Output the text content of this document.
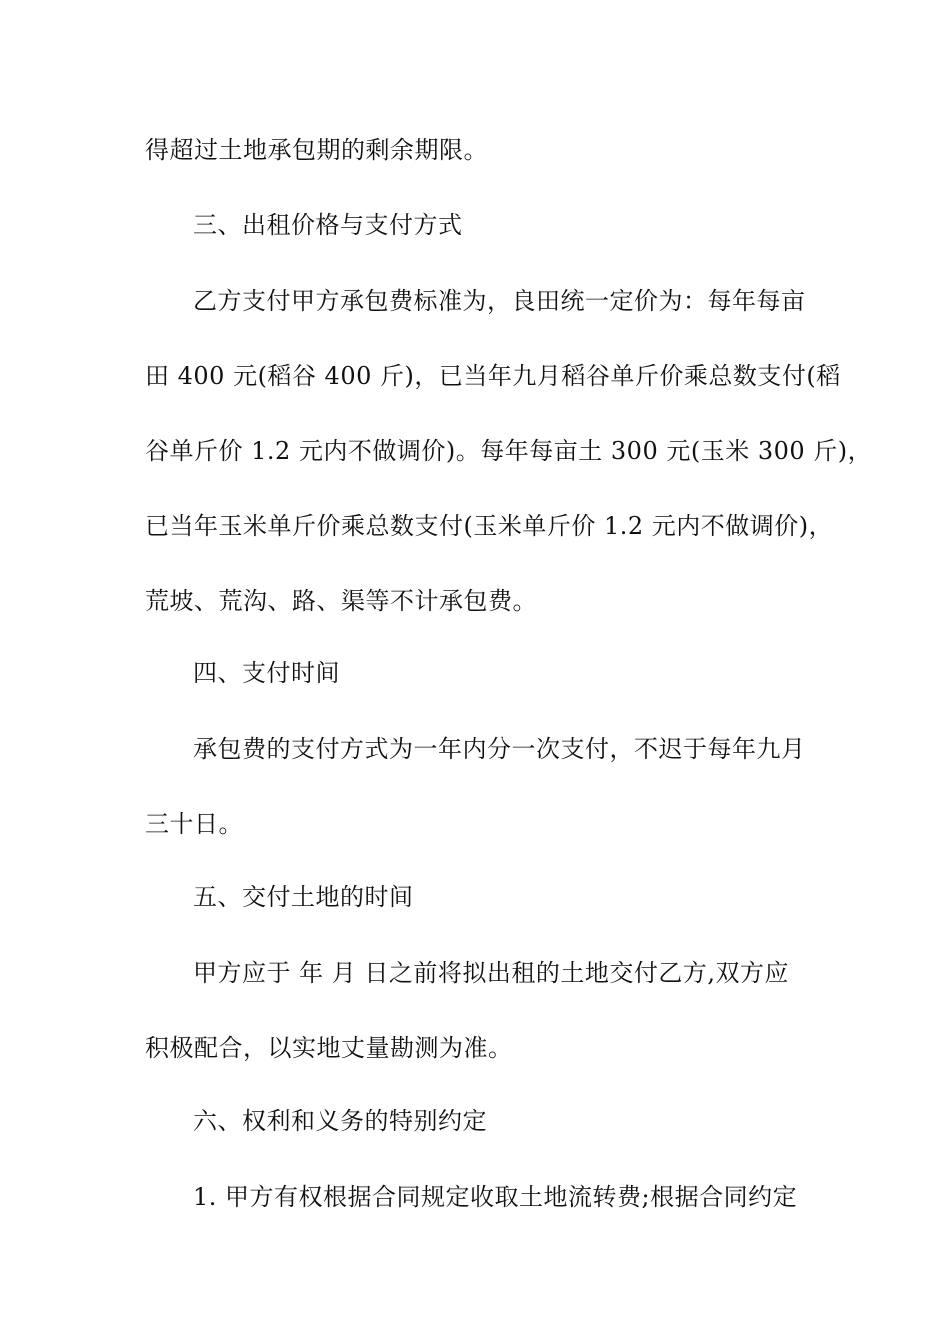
得超过土地承包期的剩余期限。
三、出租价格与支付方式
乙方支付甲方承包费标准为，良田统一定价为：每年每亩
田 400 元(稻谷 400 斤)，已当年九月稻谷单斤价乘总数支付(稻
谷单斤价 1.2 元内不做调价)。每年每亩土 300 元(玉米 300 斤)，
已当年玉米单斤价乘总数支付(玉米单斤价 1.2 元内不做调价)，
荒坡、荒沟、路、渠等不计承包费。
四、支付时间
承包费的支付方式为一年内分一次支付，不迟于每年九月
三十日。
五、交付土地的时间
甲方应于 年 月 日之前将拟出租的土地交付乙方,双方应
积极配合，以实地丈量勘测为准。
六、权利和义务的特别约定
1. 甲方有权根据合同规定收取土地流转费;根据合同约定
